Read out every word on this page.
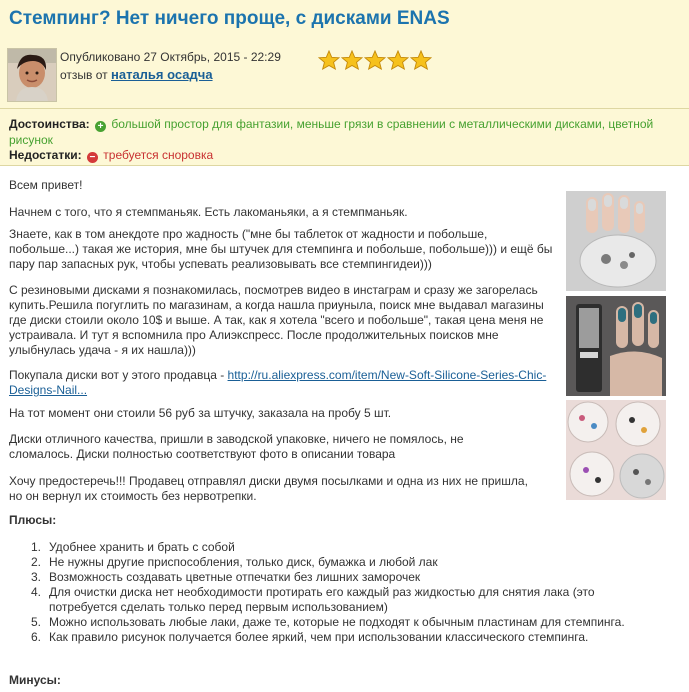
Стемпинг? Нет ничего проще, с дисками ENAS
Опубликовано 27 Октябрь, 2015 - 22:29
отзыв от наталья осадча
Достоинства: + большой простор для фантазии, меньше грязи в сравнении с металлическими дисками, цветной рисунок
Недостатки: − требуется сноровка

Всем привет!

Начнем с того, что я стемпманьяк. Есть лакоманьяки, а я стемпманьяк.

Знаете, как в том анекдоте про жадность ("мне бы таблеток от жадности и побольше, побольше...) такая же история, мне бы штучек для стемпинга и побольше, побольше))) и ещё бы пару пар запасных рук, чтобы успевать реализовывать все стемпингидеи)))

С резиновыми дисками я познакомилась, посмотрев видео в инстаграм и сразу же загорелась купить.Решила погуглить по магазинам, а когда нашла приуныла, поиск мне выдавал магазины где диски стоили около 10$ и выше. А так, как я хотела "всего и побольше", такая цена меня не устраивала. И тут я вспомнила про Алиэкспресс. После продолжительных поисков мне улыбнулась удача - я их нашла)))

Покупала диски вот у этого продавца - http://ru.aliexpress.com/item/New-Soft-Silicone-Series-Chic-Designs-Nail...

На тот момент они стоили 56 руб за штучку, заказала на пробу 5 шт.

Диски отличного качества, пришли в заводской упаковке, ничего не помялось, не сломалось. Диски полностью соответствуют фото в описании товара

Хочу предостеречь!!! Продавец отправлял диски двумя посылками и одна из них не пришла, но он вернул их стоимость без нервотрепки.

Плюсы:

1. Удобнее хранить и брать с собой
2. Не нужны другие приспособления, только диск, бумажка и любой лак
3. Возможность создавать цветные отпечатки без лишних заморочек
4. Для очистки диска нет необходимости протирать его каждый раз жидкостью для снятия лака (это потребуется сделать только перед первым использованием)
5. Можно использовать любые лаки, даже те, которые не подходят к обычным пластинам для стемпинга.
6. Как правило рисунок получается более яркий, чем при использовании классического стемпинга.

Минусы:
